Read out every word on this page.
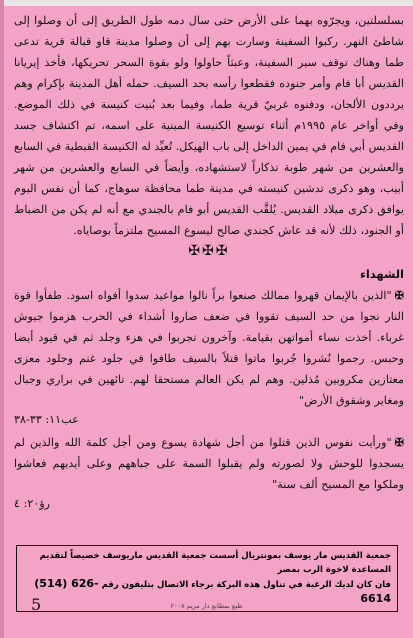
بسلسلتين، ويجرّوه بهما على الأرض حتى سال دمه طول الطريق إلى أن وصلوا إلى شاطئ النهر. ركبوا السفينة وسارت بهم إلى أن وصلوا مدينة قاو قبالة قرية تدعى طما وهناك توقف سير السفينة، وعبثاً حاولوا ولو بقوة السحر تحريكها، فأخذ إيريانا القديس أبا فام وأمر جنوده فقطعوا رأسه بحد السيف. حمله أهل المدينة بإكرام وهم يرددون الألحان، ودفنوه غربيّ قرية طما، وفيما بعد بُنيت كنيسة في ذلك الموضع. وفي أواخر عام ١٩٩٥م أثناء توسيع الكنيسة المبنية على اسمه، تم اكتشاف جسد القديس أبي فام في يمين الداخل إلى باب الهيكل. تُعيِّد له الكنيسة القبطية في السابع والعشرين من شهر طوبة تذكاراً لاستشهاده، وأيضاً في السابع والعشرين من شهر أبيب، وهو ذكرى تدشين كنيسته في مدينة طما محافظة سوهاج، كما أن نفس اليوم يوافق ذكرى ميلاد القديس. يُلقَّب القديس أبو فام بالجندي مع أنه لم يكن من الضباط أو الجنود، ذلك لأنه قد عاش كجندي صالح ليسوع المسيح ملتزماً بوصاياه.

✠✠✠
الشهداء

✠"الذين بالإيمان قهروا ممالك صنعوا براً نالوا مواعيد سدوا أفواه اسود. طفأوا قوة النار نجوا من حد السيف تقووا في ضعف صاروا أشداء في الحرب هزموا جيوش غرباء. أخذت نساء أمواتهن بقيامة. وآخرون تجربوا في هزء وجلد ثم في قيود أيضا وحبس. رجموا نُشروا جُربوا ماتوا قتلاً بالسيف طافوا في جلود غنم وجلود معزى معتازين مكروبين مُذلين. وهم لم يكن العالم مستحقا لهم. تائهين في براري وجبال ومغاير وشقوق الأرض"

عب١١: ٣٣-٣٨

✠"ورأيت نفوس الذين قتلوا من أجل شهادة يسوع ومن أجل كلمة الله والذين لم يسجدوا للوحش ولا لصورته ولم يقبلوا السمة على جباههم وعلى أيديهم فعاشوا وملكوا مع المسيح ألف سنة"

رؤ٢٠: ٤
جمعية القديس مار يوسف بمونتريال أسست جمعية القديس ماريوسف خصيصاً لتقديم المساعدة لاخوة الرب بمصر
فان كان لديك الرغبة في تناول هذه البركة برجاء الاتصال بتليفون رقم (514) 626-6614
5	طبع بمطابع دار مريم ٢٠٠٨
